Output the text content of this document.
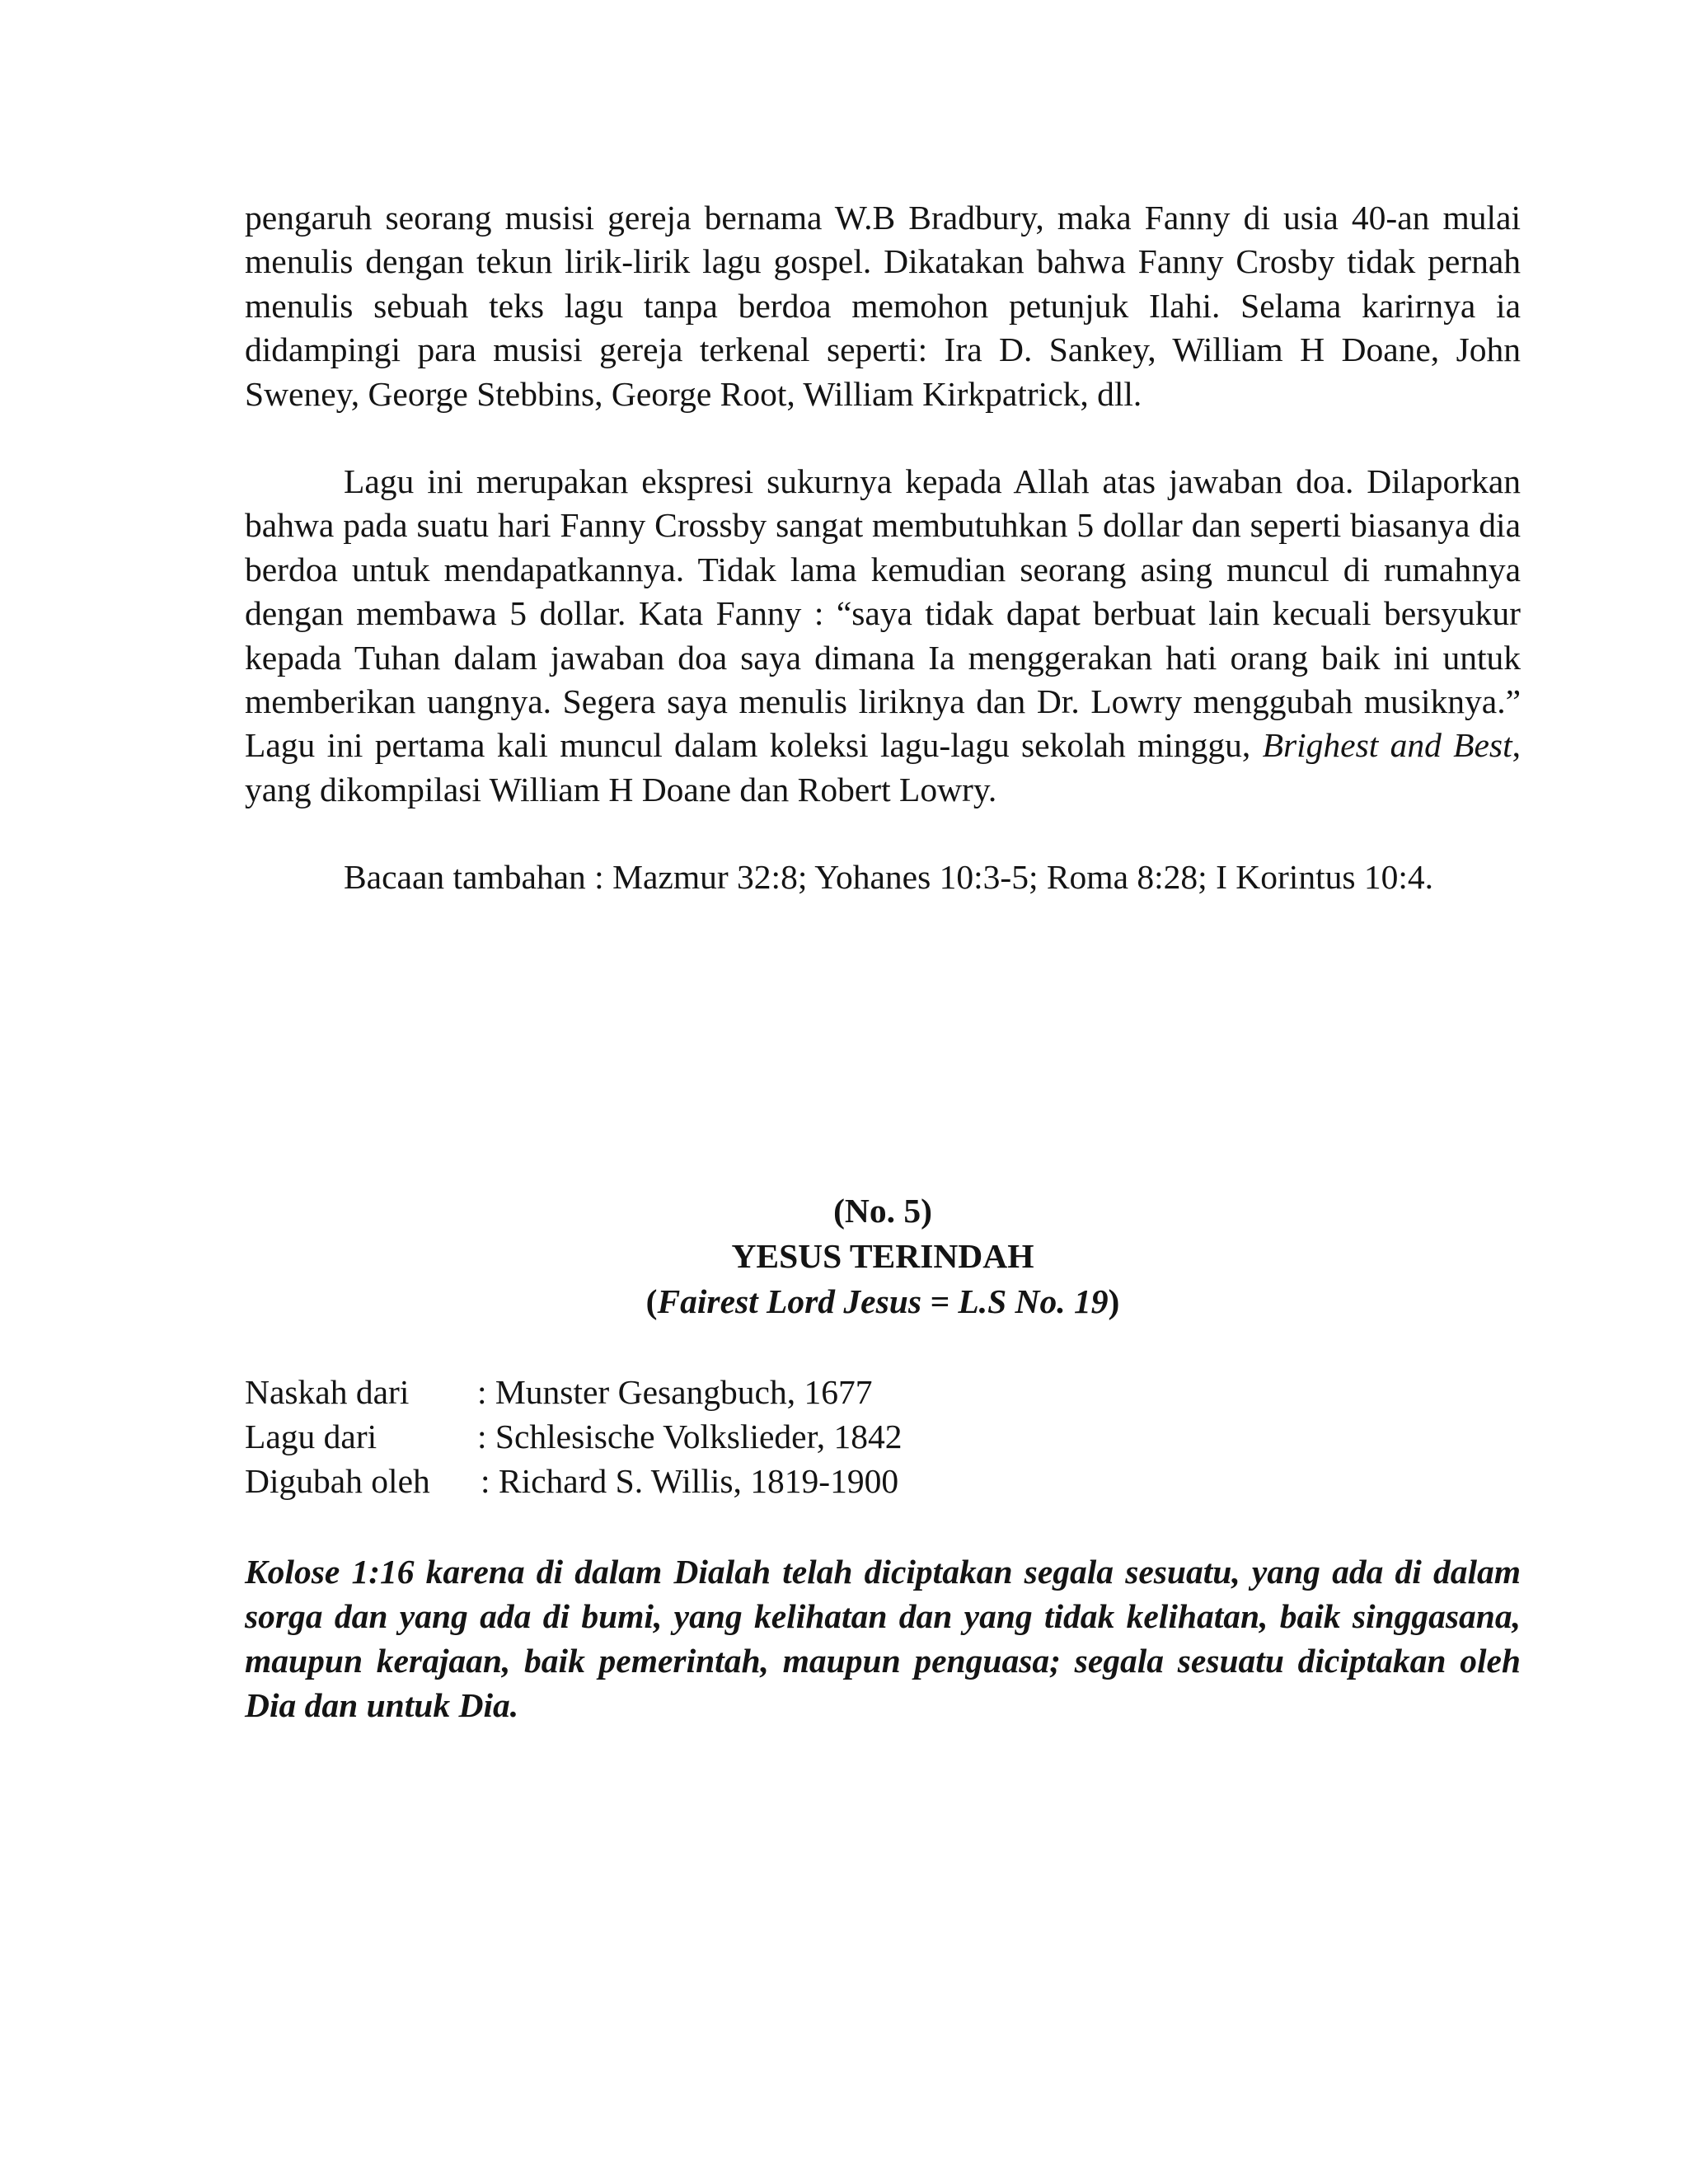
pengaruh seorang musisi gereja bernama W.B Bradbury, maka Fanny di usia 40-an mulai menulis dengan tekun lirik-lirik lagu gospel. Dikatakan bahwa Fanny Crosby tidak pernah menulis sebuah teks lagu tanpa berdoa memohon petunjuk Ilahi. Selama karirnya ia didampingi para musisi gereja terkenal seperti: Ira D. Sankey, William H Doane, John Sweney, George Stebbins, George Root, William Kirkpatrick, dll.

Lagu ini merupakan ekspresi sukurnya kepada Allah atas jawaban doa. Dilaporkan bahwa pada suatu hari Fanny Crossby sangat membutuhkan 5 dollar dan seperti biasanya dia berdoa untuk mendapatkannya. Tidak lama kemudian seorang asing muncul di rumahnya dengan membawa 5 dollar. Kata Fanny : “saya tidak dapat berbuat lain kecuali bersyukur kepada Tuhan dalam jawaban doa saya dimana Ia menggerakan hati orang baik ini untuk memberikan uangnya. Segera saya menulis liriknya dan Dr. Lowry menggubah musiknya.” Lagu ini pertama kali muncul dalam koleksi lagu-lagu sekolah minggu, Brighest and Best, yang dikompilasi William H Doane dan Robert Lowry.

Bacaan tambahan : Mazmur 32:8; Yohanes 10:3-5; Roma 8:28; I Korintus 10:4.

(No. 5)
YESUS TERINDAH
(Fairest Lord Jesus = L.S No. 19)
Naskah dari	: Munster Gesangbuch, 1677
Lagu dari	: Schlesische Volkslieder, 1842
Digubah oleh	: Richard S. Willis, 1819-1900

Kolose 1:16 karena di dalam Dialah telah diciptakan segala sesuatu, yang ada di dalam sorga dan yang ada di bumi, yang kelihatan dan yang tidak kelihatan, baik singgasana, maupun kerajaan, baik pemerintah, maupun penguasa; segala sesuatu diciptakan oleh Dia dan untuk Dia.
